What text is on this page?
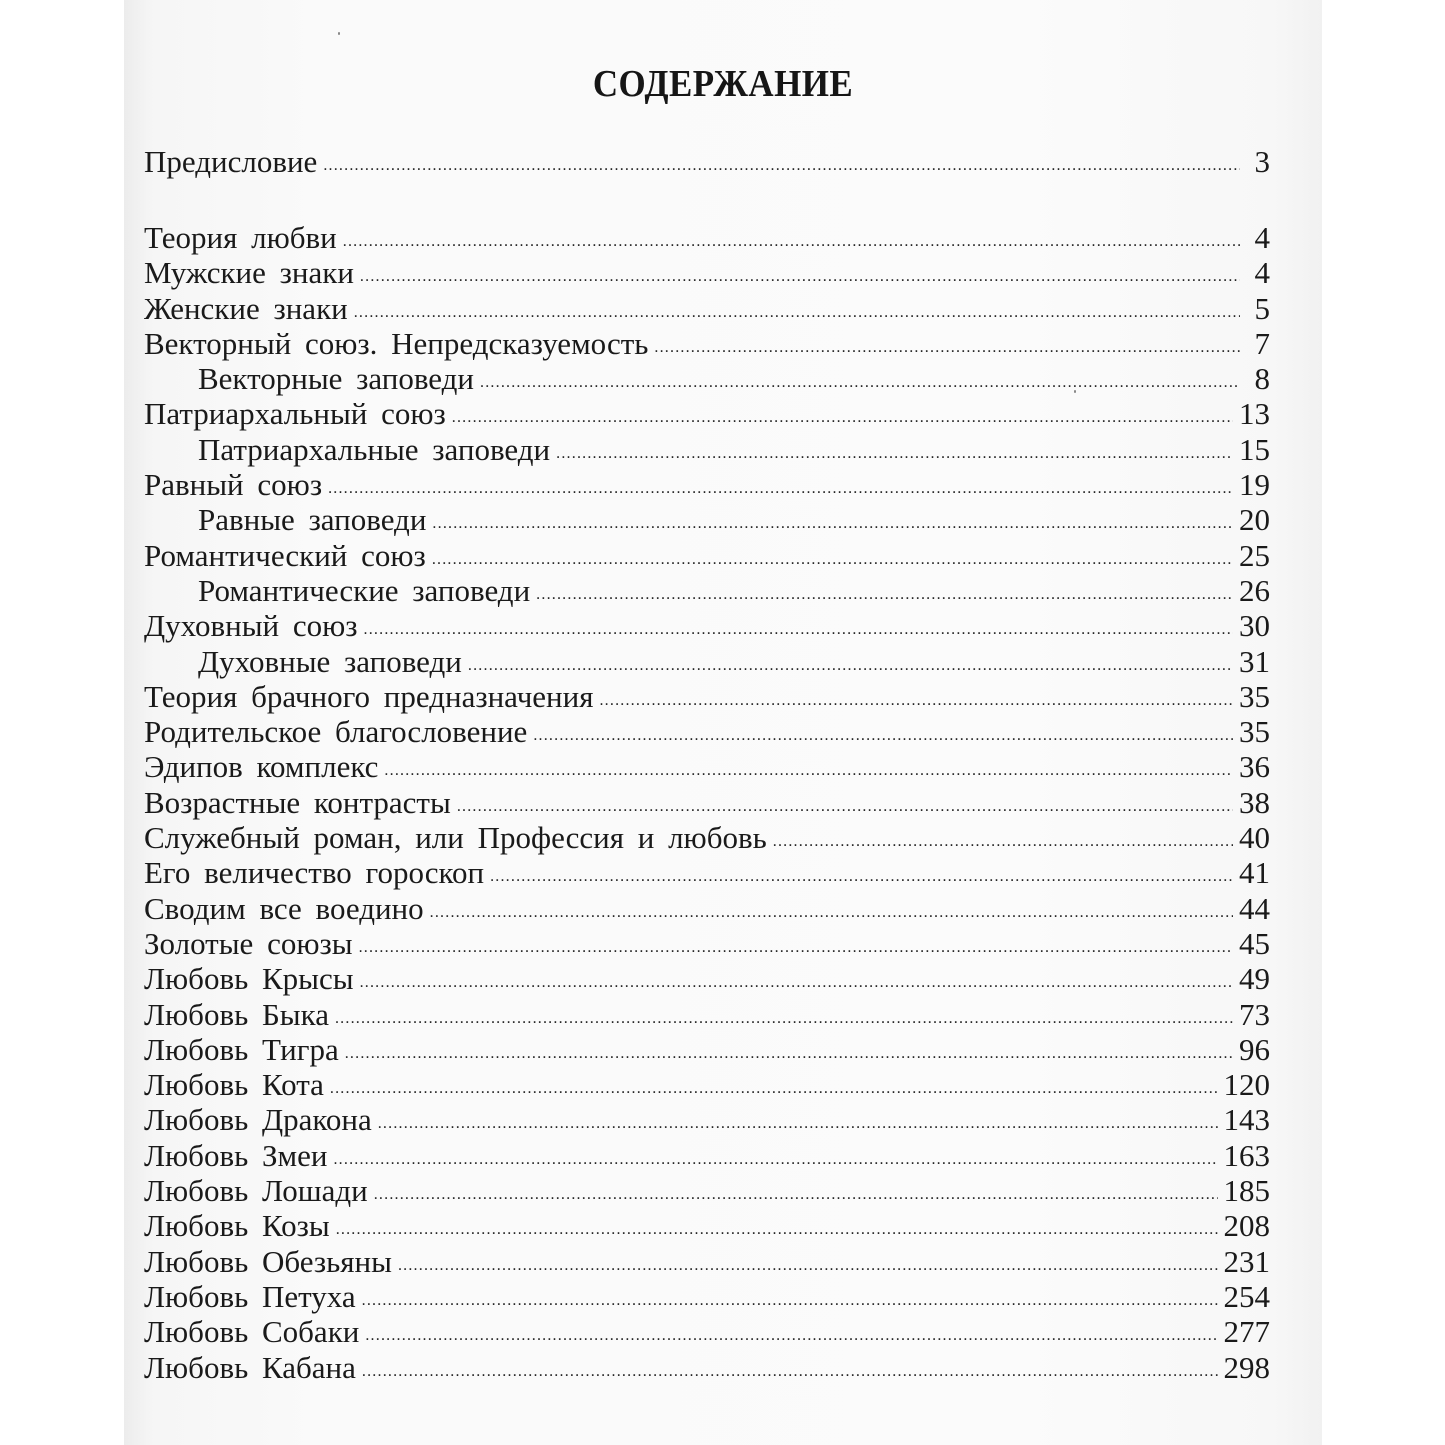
СОДЕРЖАНИЕ
Предисловие . . .	3
Теория любви . . .	4
Мужские знаки . . .	4
Женские знаки . . .	5
Векторный союз. Непредсказуемость . . .	7
Векторные заповеди . . .	8
Патриархальный союз . . .	13
Патриархальные заповеди . . .	15
Равный союз . . .	19
Равные заповеди . . .	20
Романтический союз . . .	25
Романтические заповеди . . .	26
Духовный союз . . .	30
Духовные заповеди . . .	31
Теория брачного предназначения . . .	35
Родительское благословение . . .	35
Эдипов комплекс . . .	36
Возрастные контрасты . . .	38
Служебный роман, или Профессия и любовь . . .	40
Его величество гороскоп . . .	41
Сводим все воедино . . .	44
Золотые союзы . . .	45
Любовь Крысы . . .	49
Любовь Быка . . .	73
Любовь Тигра . . .	96
Любовь Кота . . .	120
Любовь Дракона . . .	143
Любовь Змеи . . .	163
Любовь Лошади . . .	185
Любовь Козы . . .	208
Любовь Обезьяны . . .	231
Любовь Петуха . . .	254
Любовь Собаки . . .	277
Любовь Кабана . . .	298
